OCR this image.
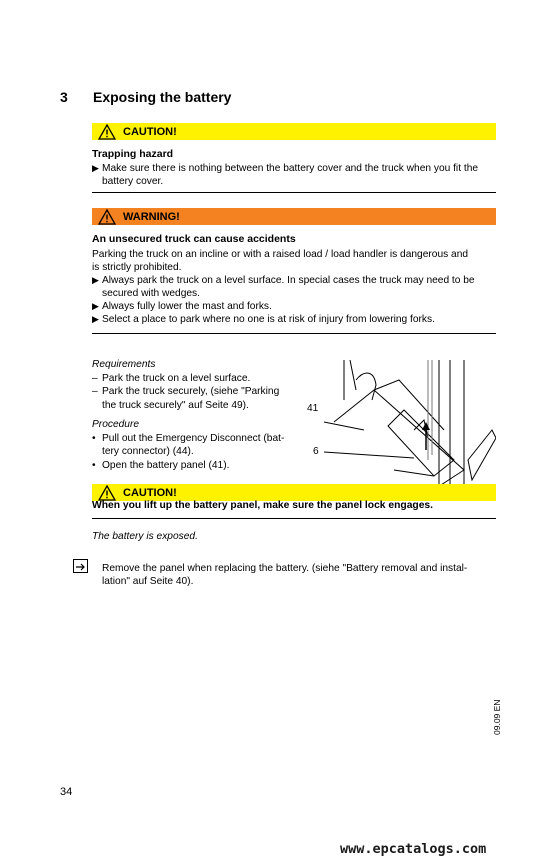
3 Exposing the battery
CAUTION!
Trapping hazard
▶ Make sure there is nothing between the battery cover and the truck when you fit the
battery cover.
WARNING!
An unsecured truck can cause accidents
Parking the truck on an incline or with a raised load / load handler is dangerous and
is strictly prohibited.
▶ Always park the truck on a level surface. In special cases the truck may need to be
secured with wedges.
▶ Always fully lower the mast and forks.
▶ Select a place to park where no one is at risk of injury from lowering forks.
Requirements
– Park the truck on a level surface.
– Park the truck securely, (siehe "Parking
the truck securely" auf Seite 49).
Procedure
• Pull out the Emergency Disconnect (bat-
tery connector) (44).
• Open the battery panel (41).
41
6
CAUTION!
When you lift up the battery panel, make sure the panel lock engages.
The battery is exposed.
Remove the panel when replacing the battery. (siehe "Battery removal and instal-
lation" auf Seite 40).
09.09 EN
34
www.epcatalogs.com
